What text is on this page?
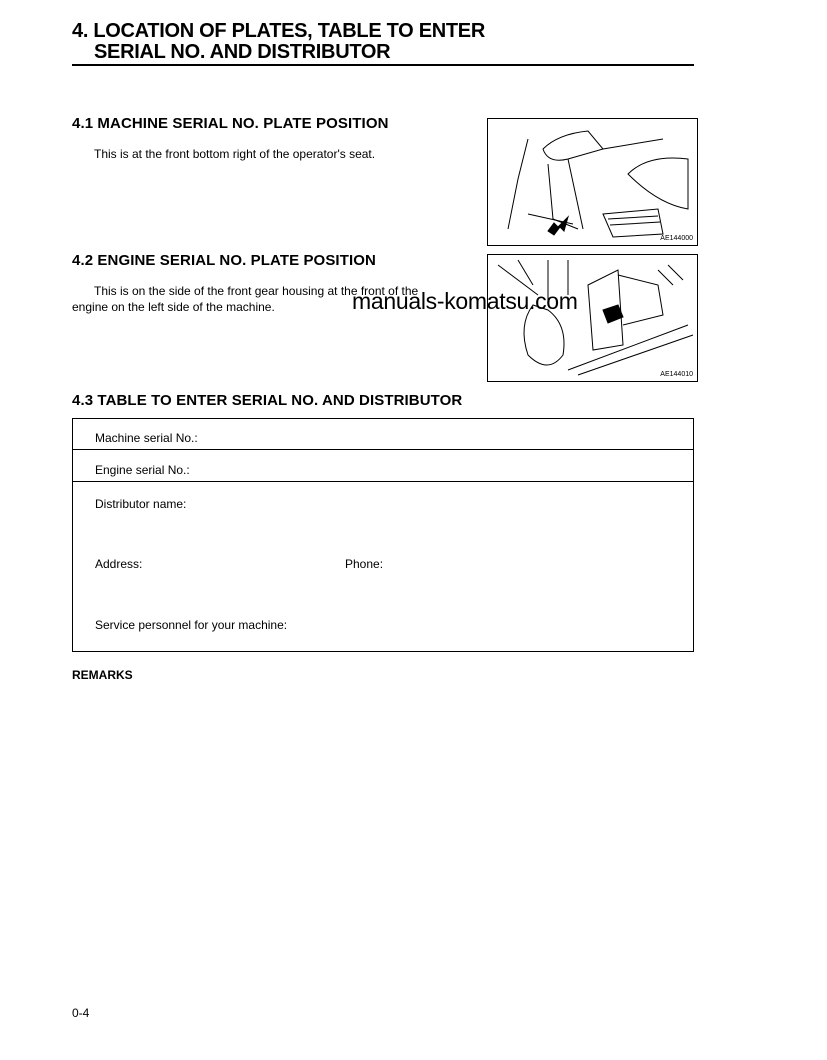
4. LOCATION OF PLATES, TABLE TO ENTER
SERIAL NO. AND DISTRIBUTOR
4.1 MACHINE SERIAL NO. PLATE POSITION
This is at the front bottom right of the operator's seat.
AE144000
4.2 ENGINE SERIAL NO. PLATE POSITION
This is on the side of the front gear housing at the front of the
engine on the left side of the machine.
AE144010
manuals-komatsu.com
4.3 TABLE TO ENTER SERIAL NO. AND DISTRIBUTOR
Machine serial No.:
Engine serial No.:
Distributor name:
Address:	Phone:
Service personnel for your machine:
REMARKS
0-4
